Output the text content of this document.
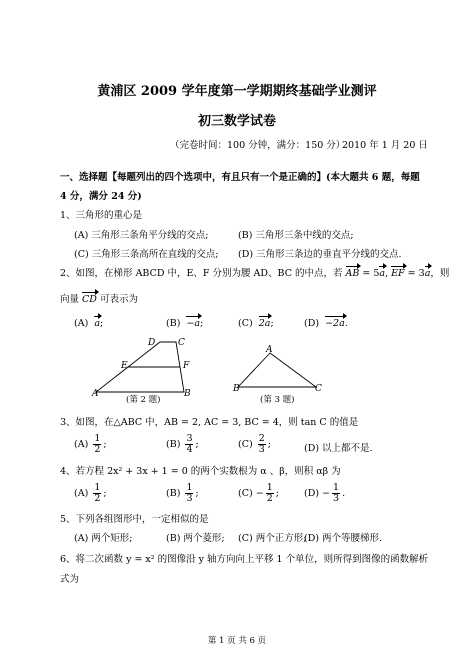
黄浦区 2009 学年度第一学期期终基础学业测评
初三数学试卷
（完卷时间：100 分钟，满分：150 分）
2010 年 1 月 20 日
一、选择题【每题列出的四个选项中，有且只有一个是正确的】(本大题共 6 题，每题
4 分，满分 24 分)
1、三角形的重心是
(A) 三角形三条角平分线的交点;	(B) 三角形三条中线的交点;
(C) 三角形三条高所在直线的交点; (D) 三角形三条边的垂直平分线的交点.
2、如图，在梯形 ABCD 中，E、F 分别为腰 AD、BC 的中点，若 AB = 5a, EF = 3a，则
向量 CD 可表示为
(A) a;	(B) −a;	(C) 2a;	(D) −2a.
D	C
E	F
A	B
(第 2 题)
A
B	C
(第 3 题)
3、如图，在△ABC 中，AB = 2, AC = 3, BC = 4，则 tan C 的值是
(A)
$\frac{1}{2}$ ;	(B)
$\frac{3}{4}$ ;	(C)
$\frac{2}{3}$ ;	(D) 以上都不是.
4、若方程 2x² + 3x + 1 = 0 的两个实数根为 α 、β，则积 αβ 为
(A)
$\frac{1}{2}$ ;	(B)
$\frac{1}{3}$ ;	(C)
− $\frac{1}{2}$ ;	(D)
− $\frac{1}{3}$ .
5、下列各组图形中，一定相似的是
(A) 两个矩形;	(B) 两个菱形; (C) 两个正方形;
(D) 两个等腰梯形.
6、将二次函数 y = x² 的图像沿 y 轴方向向上平移 1 个单位，则所得到图像的函数解析
式为
第 1 页 共 6 页
